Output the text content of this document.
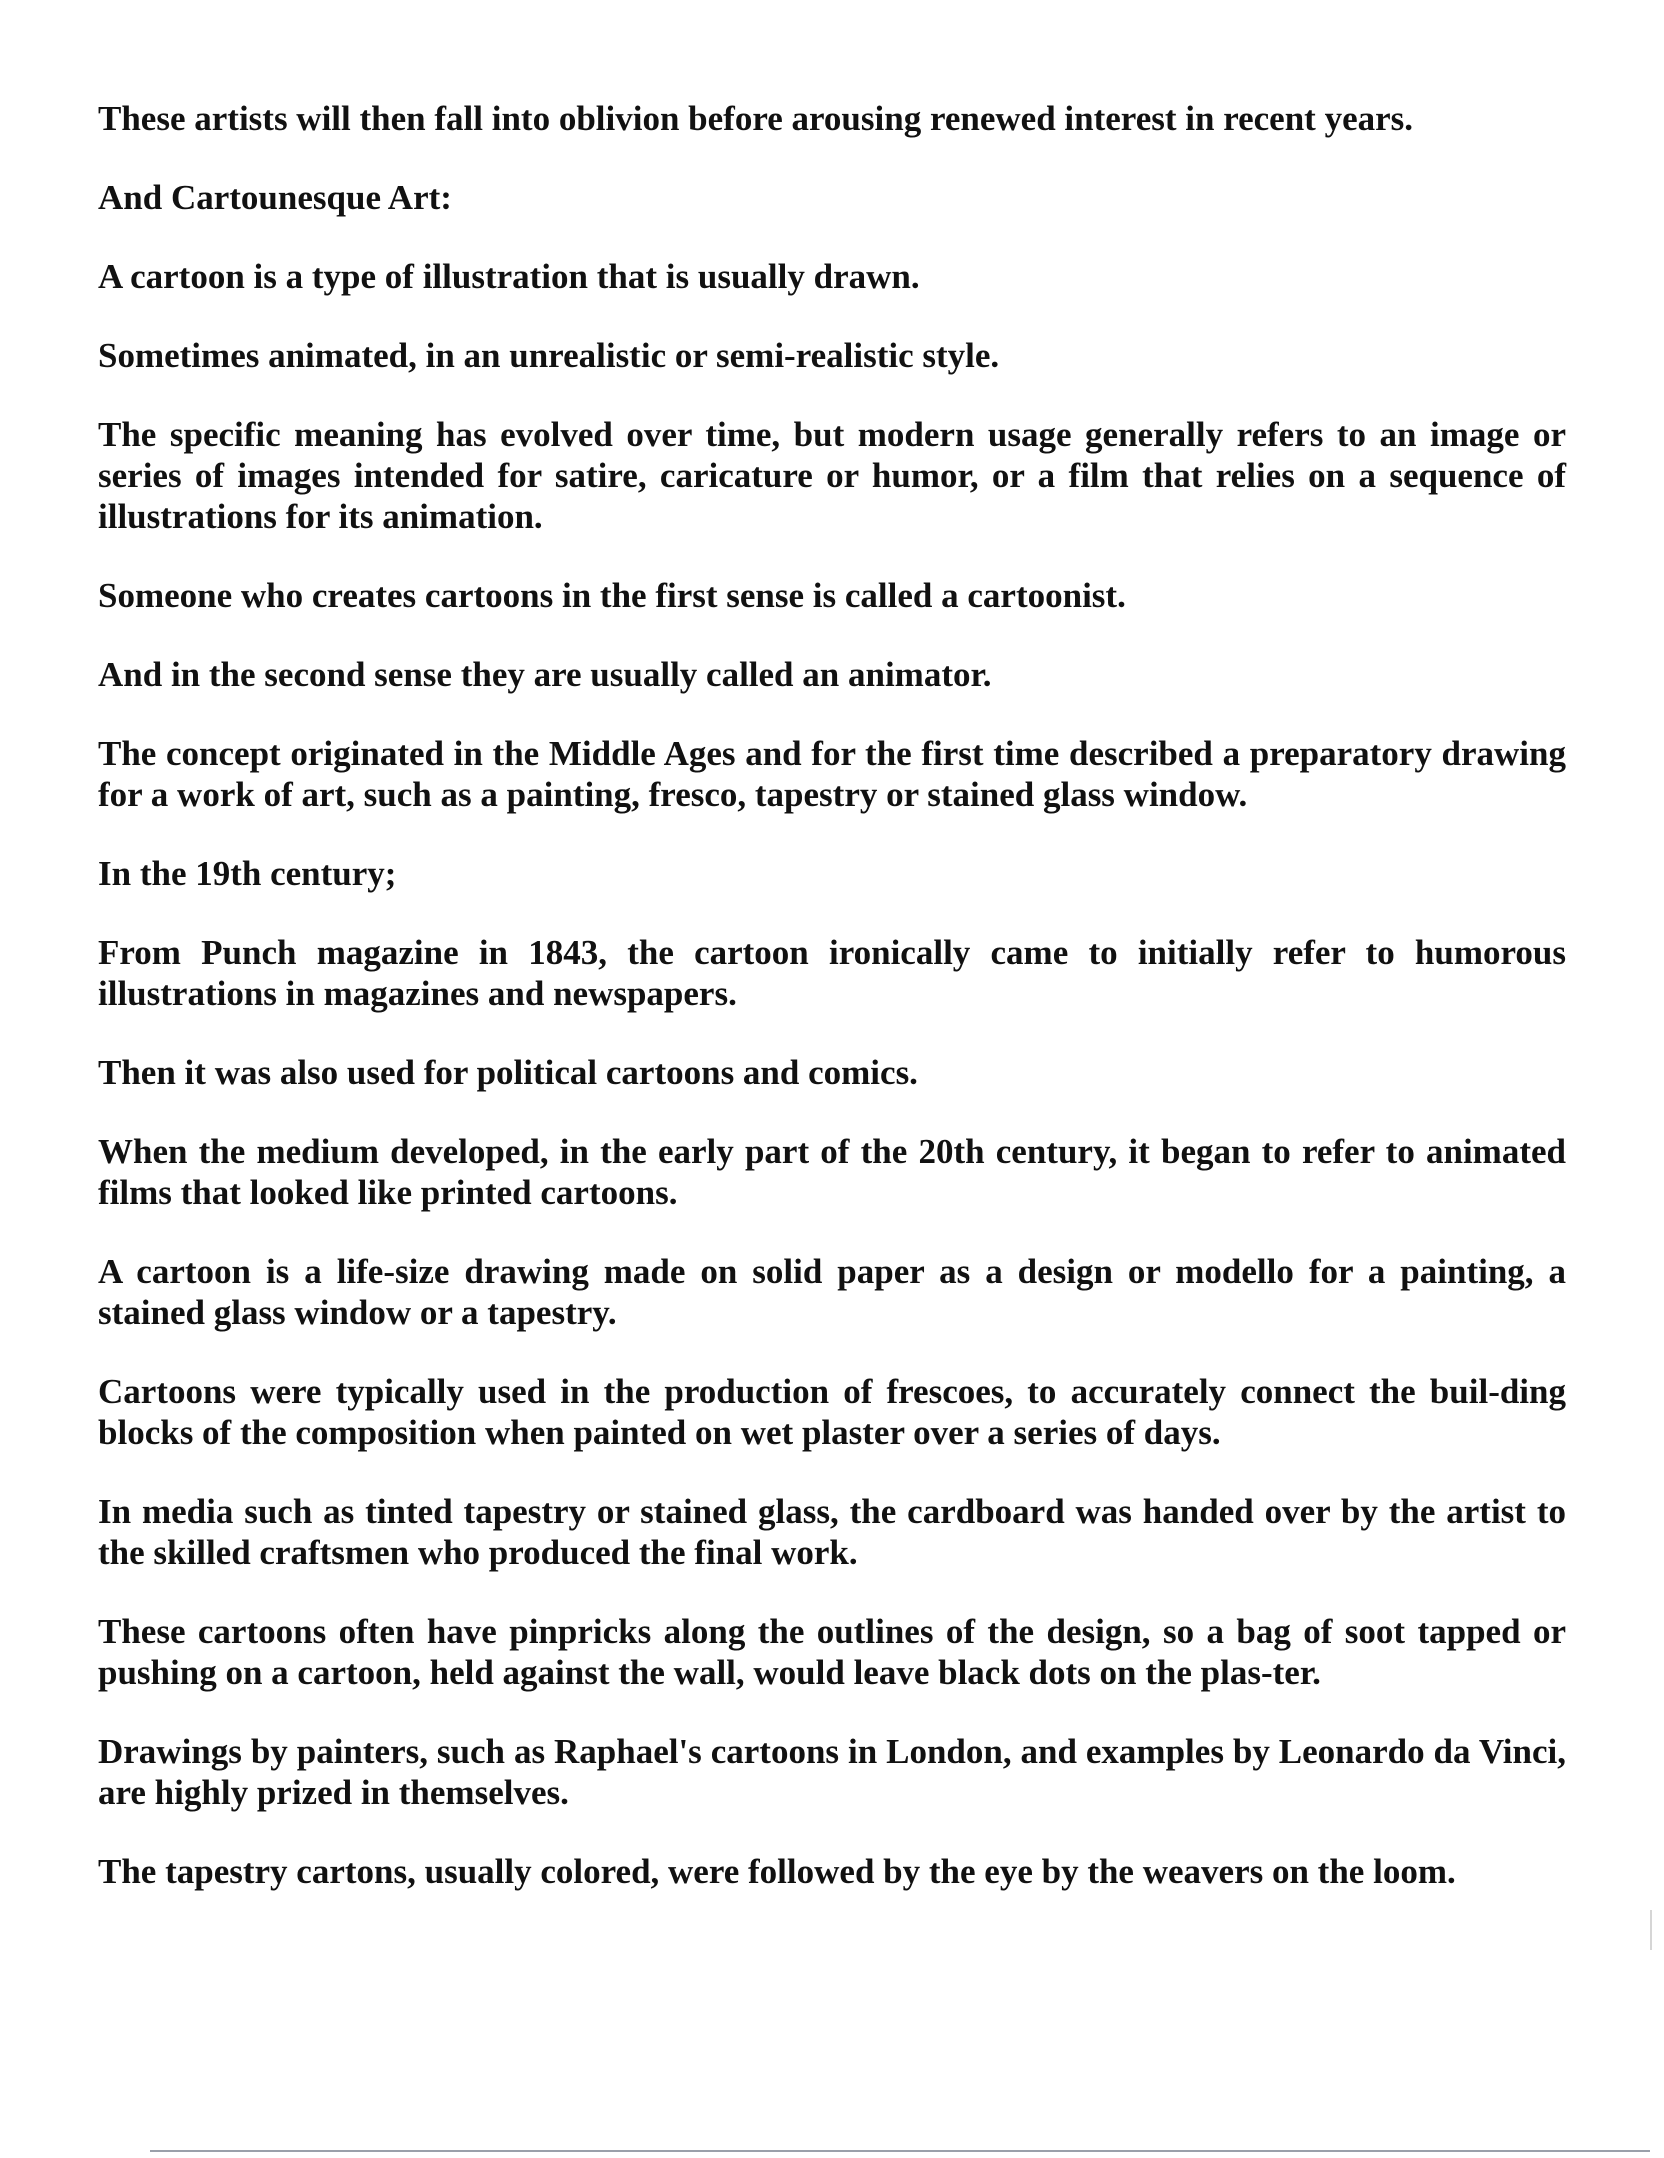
These artists will then fall into oblivion before arousing renewed interest in recent years.

And Cartounesque Art:

A cartoon is a type of illustration that is usually drawn.

Sometimes animated, in an unrealistic or semi-realistic style.

The specific meaning has evolved over time, but modern usage generally refers to an image or series of images intended for satire, caricature or humor, or a film that relies on a sequence of illustrations for its animation.

Someone who creates cartoons in the first sense is called a cartoonist.

And in the second sense they are usually called an animator.

The concept originated in the Middle Ages and for the first time described a preparatory drawing for a work of art, such as a painting, fresco, tapestry or stained glass window.

In the 19th century;

From Punch magazine in 1843, the cartoon ironically came to initially refer to humorous illustrations in magazines and newspapers.

Then it was also used for political cartoons and comics.

When the medium developed, in the early part of the 20th century, it began to refer to animated films that looked like printed cartoons.

A cartoon is a life-size drawing made on solid paper as a design or modello for a painting, a stained glass window or a tapestry.

Cartoons were typically used in the production of frescoes, to accurately connect the buil-ding blocks of the composition when painted on wet plaster over a series of days.

In media such as tinted tapestry or stained glass, the cardboard was handed over by the artist to the skilled craftsmen who produced the final work.

These cartoons often have pinpricks along the outlines of the design, so a bag of soot tapped or pushing on a cartoon, held against the wall, would leave black dots on the plas-ter.

Drawings by painters, such as Raphael's cartoons in London, and examples by Leonardo da Vinci, are highly prized in themselves.

The tapestry cartons, usually colored, were followed by the eye by the weavers on the loom.
